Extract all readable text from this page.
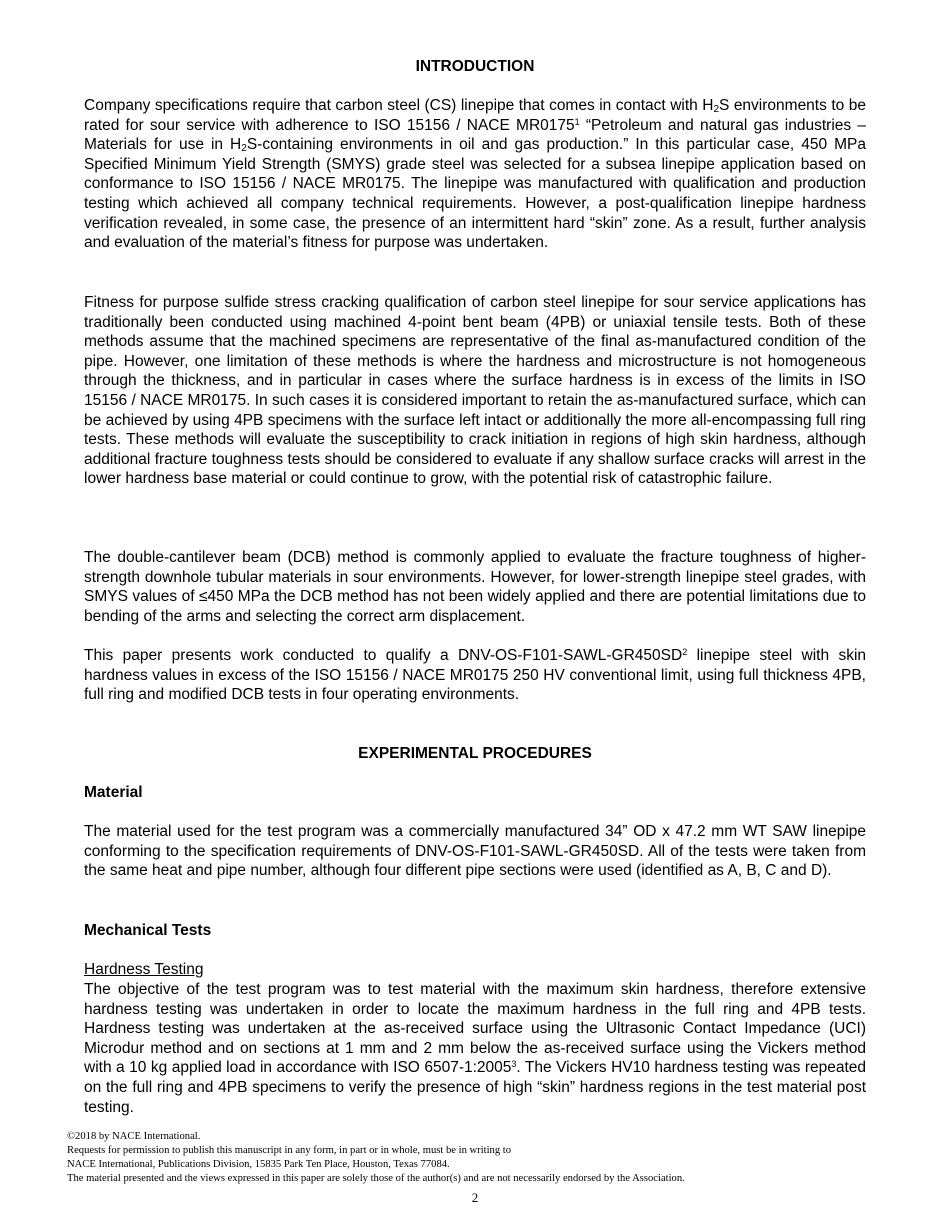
INTRODUCTION
Company specifications require that carbon steel (CS) linepipe that comes in contact with $H_2S$ environments to be rated for sour service with adherence to ISO 15156 / NACE MR0175$^1$ “Petroleum and natural gas industries – Materials for use in $H_2S$-containing environments in oil and gas production.” In this particular case, 450 MPa Specified Minimum Yield Strength (SMYS) grade steel was selected for a subsea linepipe application based on conformance to ISO 15156 / NACE MR0175. The linepipe was manufactured with qualification and production testing which achieved all company technical requirements. However, a post-qualification linepipe hardness verification revealed, in some case, the presence of an intermittent hard “skin” zone. As a result, further analysis and evaluation of the material’s fitness for purpose was undertaken.
Fitness for purpose sulfide stress cracking qualification of carbon steel linepipe for sour service applications has traditionally been conducted using machined 4-point bent beam (4PB) or uniaxial tensile tests. Both of these methods assume that the machined specimens are representative of the final as-manufactured condition of the pipe. However, one limitation of these methods is where the hardness and microstructure is not homogeneous through the thickness, and in particular in cases where the surface hardness is in excess of the limits in ISO 15156 / NACE MR0175. In such cases it is considered important to retain the as-manufactured surface, which can be achieved by using 4PB specimens with the surface left intact or additionally the more all-encompassing full ring tests. These methods will evaluate the susceptibility to crack initiation in regions of high skin hardness, although additional fracture toughness tests should be considered to evaluate if any shallow surface cracks will arrest in the lower hardness base material or could continue to grow, with the potential risk of catastrophic failure.
The double-cantilever beam (DCB) method is commonly applied to evaluate the fracture toughness of higher-strength downhole tubular materials in sour environments. However, for lower-strength linepipe steel grades, with SMYS values of ≤450 MPa the DCB method has not been widely applied and there are potential limitations due to bending of the arms and selecting the correct arm displacement.
This paper presents work conducted to qualify a DNV-$OS-F101-SAWL-GR450SD^2$ linepipe steel with skin hardness values in excess of the ISO 15156 / NACE MR0175 250 HV conventional limit, using full thickness 4PB, full ring and modified DCB tests in four operating environments.
EXPERIMENTAL PROCEDURES
Material
The material used for the test program was a commercially manufactured 34” OD x 47.2 mm WT SAW linepipe conforming to the specification requirements of DNV-OS-F101-SAWL-GR450SD. All of the tests were taken from the same heat and pipe number, although four different pipe sections were used (identified as A, B, C and D).
Mechanical Tests
Hardness Testing
The objective of the test program was to test material with the maximum skin hardness, therefore extensive hardness testing was undertaken in order to locate the maximum hardness in the full ring and 4PB tests. Hardness testing was undertaken at the as-received surface using the Ultrasonic Contact Impedance (UCI) Microdur method and on sections at 1 mm and 2 mm below the as-received surface using the Vickers method with a 10 kg applied load in accordance with ISO 6507-1:2005$^3$. The Vickers HV10 hardness testing was repeated on the full ring and 4PB specimens to verify the presence of high “skin” hardness regions in the test material post testing.
©2018 by NACE International.
Requests for permission to publish this manuscript in any form, in part or in whole, must be in writing to
NACE International, Publications Division, 15835 Park Ten Place, Houston, Texas 77084.
The material presented and the views expressed in this paper are solely those of the author(s) and are not necessarily endorsed by the Association.
2
